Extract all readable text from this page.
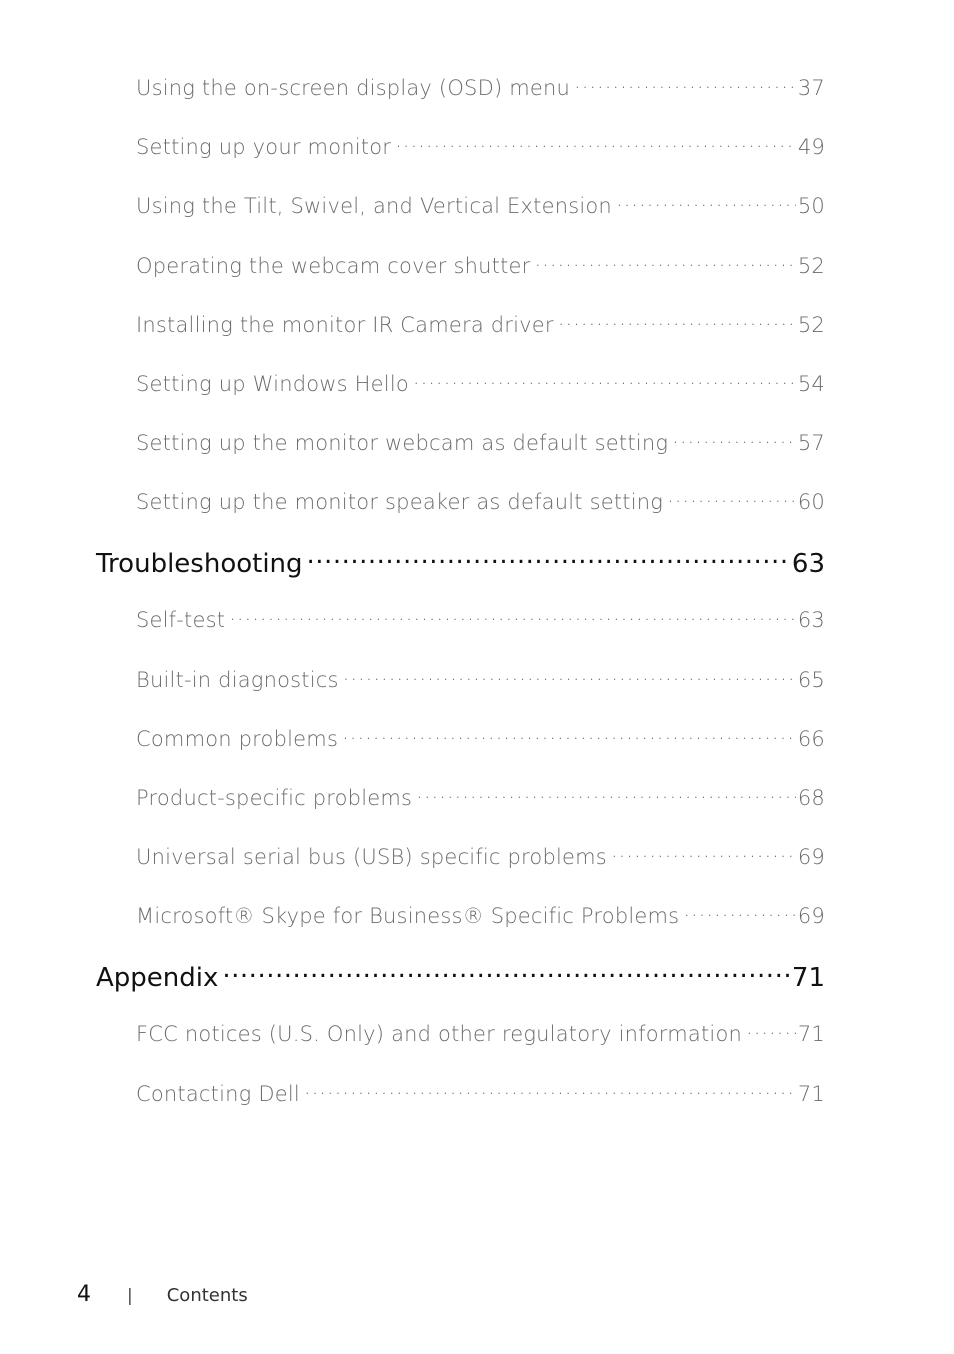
Using the on-screen display (OSD) menu .....	37
Setting up your monitor .....	49
Using the Tilt, Swivel, and Vertical Extension .....	50
Operating the webcam cover shutter .....	52
Installing the monitor IR Camera driver .....	52
Setting up Windows Hello .....	54
Setting up the monitor webcam as default setting .....	57
Setting up the monitor speaker as default setting .....	60
Troubleshooting .....	63
Self-test .....	63
Built-in diagnostics .....	65
Common problems .....	66
Product-specific problems .....	68
Universal serial bus (USB) specific problems .....	69
Microsoft® Skype for Business® Specific Problems .....	69
Appendix .....	71
FCC notices (U.S. Only) and other regulatory information .....	71
Contacting Dell .....	71
4 | Contents
